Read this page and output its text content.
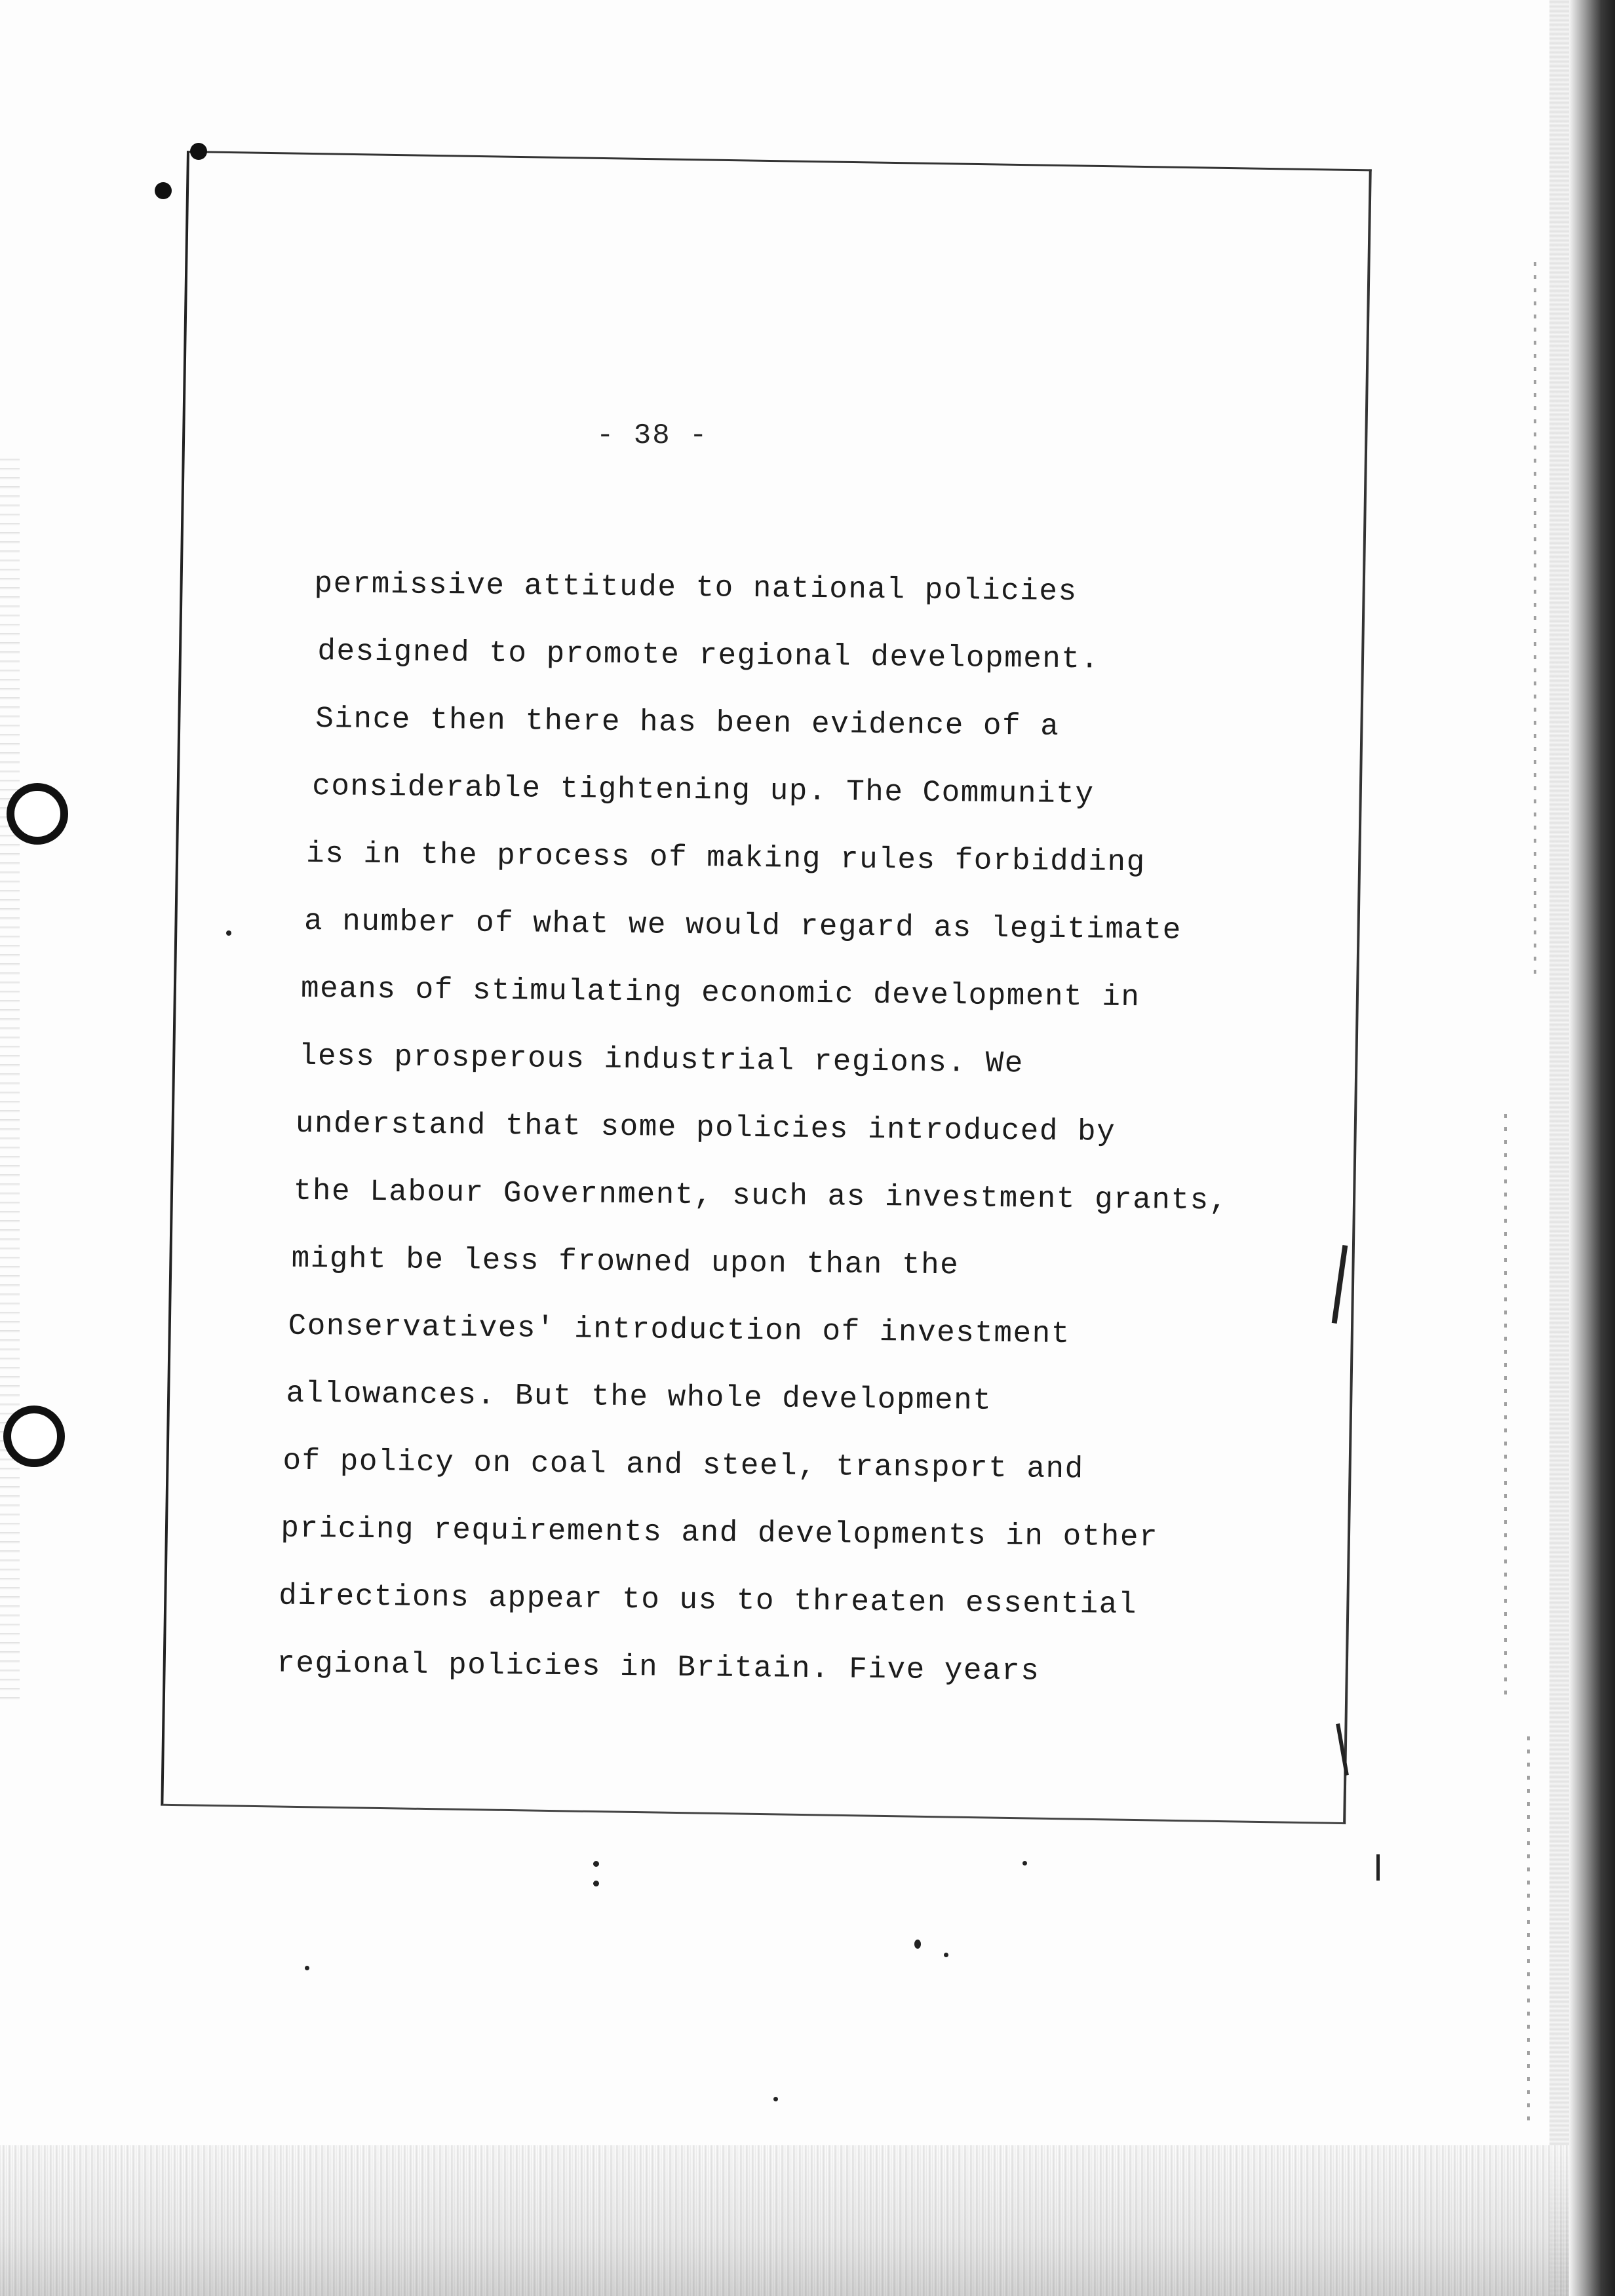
- 38 -
permissive attitude to national policies
designed to promote regional development.
Since then there has been evidence of a
considerable tightening up. The Community
is in the process of making rules forbidding
a number of what we would regard as legitimate
means of stimulating economic development in
less prosperous industrial regions. We
understand that some policies introduced by
the Labour Government, such as investment grants,
might be less frowned upon than the
Conservatives' introduction of investment
allowances. But the whole development
of policy on coal and steel, transport and
pricing requirements and developments in other
directions appear to us to threaten essential
regional policies in Britain. Five years
